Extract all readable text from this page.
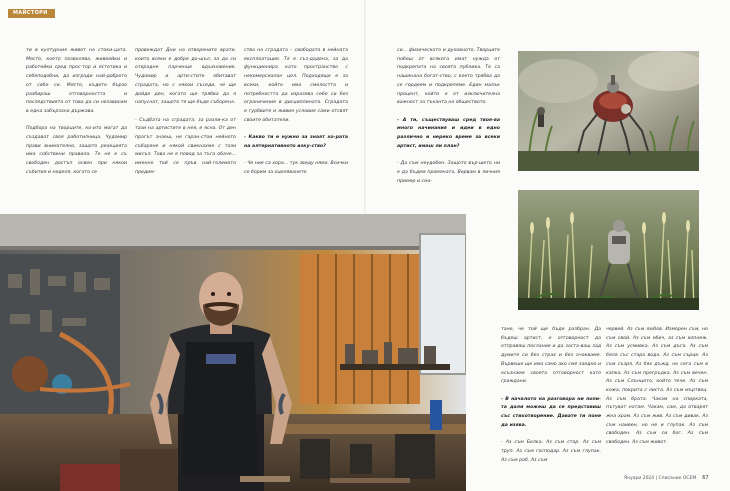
МАЙСТОРИ

ти в културния живот на стоки-цата. Място, което позволява, живеейки и работейки сред прос-тор и естетика и себеподобни, да изгради най-доброто от себе си. Място, където бързо разбираш отговорността и последствията от това да си независим в една забързана държава.

Подбора на творците, ко-ито могат да създават своя работилница. Чудомир прави внимателно, защото реакцията има собствени правила. Те не е съ свободен достъп освен при някои събития и неделя, когато се

провеждат Дни на отворените врати, които всеки е добре до-шъл, за да си открадне парченце вдъхновение. Чудомир и арти-стите обитават сградата, но с някои съседи, че ще дойде ден, когато ще трябва да я напуснат, защото тя ще бъде съборена.

- Съдбата на сградата, за разли-ка от тази на артистите в нея, е ясна. От ден прагът знаеш, не гаран-стои нейното събаряне и някой свикнахме с тази мисъл. Това не е повод за тъга обаче... именно той се пръв най-големото предим-

ство на сградата – свободата в нейната експлоатация. Тя е съз-дадена, за да функционира като пространство с некомерсиалан цел. Подходяще е за всеки, който има смелостта и потребността да изразява себе си без ограничения в дисциплината. Сградата е гурбвите и живия условия сами отсвят своите обитатели.

- Какво ти е нужно за знаят хо-рата на алтернативното изку-ство?

- Че ние са хора... тук зведу няма. Всички се борим за оцеляването

си... физическото и духовното. Творците побеш от всякога имат нужда от подкрепата на своята публика. Те са нашинана богат-ство, с което трябва да се гордеем и подкрепяме. Един малък процент, който е от изключителна важност за тъканта на обществото.

- А ти, съществуваш сред твоя-ва много начинания и идеи в едно различно и нереко време за всеки артист, имаш ли план?

- Да съм неудобен. Защото вър-шето ни е да бъдем промяната, Вервам в личния пример и сма-

тане, че той ще бъде разбран. Да бъдеш артист, е отговорност да отправяш послание и да заста-ваш зад думите си без страх и без очакваме. Вървеше ще има само ако сме заедно и осъзнаем своята отговорност като граждани.

- В началото на разговора ни попи-та дали можеш да се представиш със стихотворение. Давате ти поне да изява.

- Аз съм Болка. Аз съм стар. Аз съм труп. Аз съм господар. Аз съм глупак. Аз съм роб. Аз съм

червей. Аз съм любов. Изморен съм, но съм свой. Аз съм обич, аз съм копнеж. Аз съм усмивка. Аз съм дъга. Аз съм бяла със стара вода. Аз съм сърце. Аз съм съзря. Аз бях дъжд, но сега съм в капка. Аз съм прегръдка. Аз съм вечен. Аз съм Слънцето, който тече. Аз съм кожа, покрита с листа. Аз съм мъртвец. Аз съм брата. Чакам на спирката, пътуват натам. Чакам, сам, да отварят жна храм. Аз съм жив. Аз съм дивак. Аз съм наивен, но не и глупак. Аз съм свободен. Аз съм си бог. Аз съм свободен. Аз съм живот.

Януари 2024 | Списание ОСЕМ 67
